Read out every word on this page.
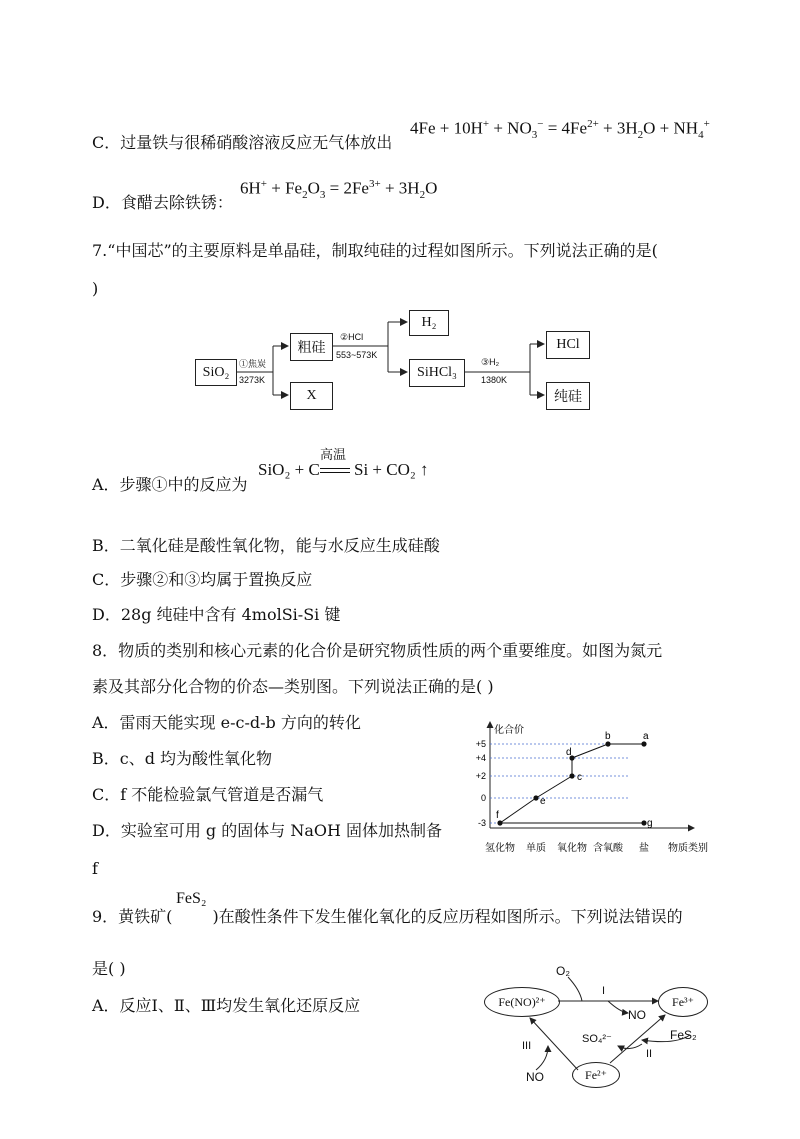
C．过量铁与很稀硝酸溶液反应无气体放出
$4Fe + 10H^+ + NO_3^- = 4Fe^{2+} + 3H_2O + NH_4^+$
D．食醋去除铁锈：
$6H^+ + Fe_2O_3 = 2Fe^{3+} + 3H_2O$
7.“中国芯”的主要原料是单晶硅，制取纯硅的过程如图所示。下列说法正确的是(
)
SiO₂
①焦炭
3273K
粗硅
X
②HCl
553~573K
H₂
SiHCl₃
③H₂
1380K
HCl
纯硅
A．步骤①中的反应为
SiO₂ + C
高温
Si + CO₂ ↑
B．二氧化硅是酸性氧化物，能与水反应生成硅酸
C．步骤②和③均属于置换反应
D．28g 纯硅中含有 4molSi-Si 键
8．物质的类别和核心元素的化合价是研究物质性质的两个重要维度。如图为氮元
素及其部分化合物的价态—类别图。下列说法正确的是( )
A．雷雨天能实现 e-c-d-b 方向的转化
B．c、d 均为酸性氧化物
C．f 不能检验氯气管道是否漏气
D．实验室可用 g 的固体与 NaOH 固体加热制备
f
化合价
物质类别
+5
+4
+2
0
-3
氢化物 单质 氧化物 含氧酸 盐
f
e
c
d
b	a
g
9．黄铁矿(	)在酸性条件下发生催化氧化的反应历程如图所示。下列说法错误的
FeS₂
是( )
A．反应Ⅰ、Ⅱ、Ⅲ均发生氧化还原反应	Fe(NO)²⁺	Fe³⁺
Fe²⁺
O₂
I
NO
SO₄²⁻	FeS₂
II
III
NO
